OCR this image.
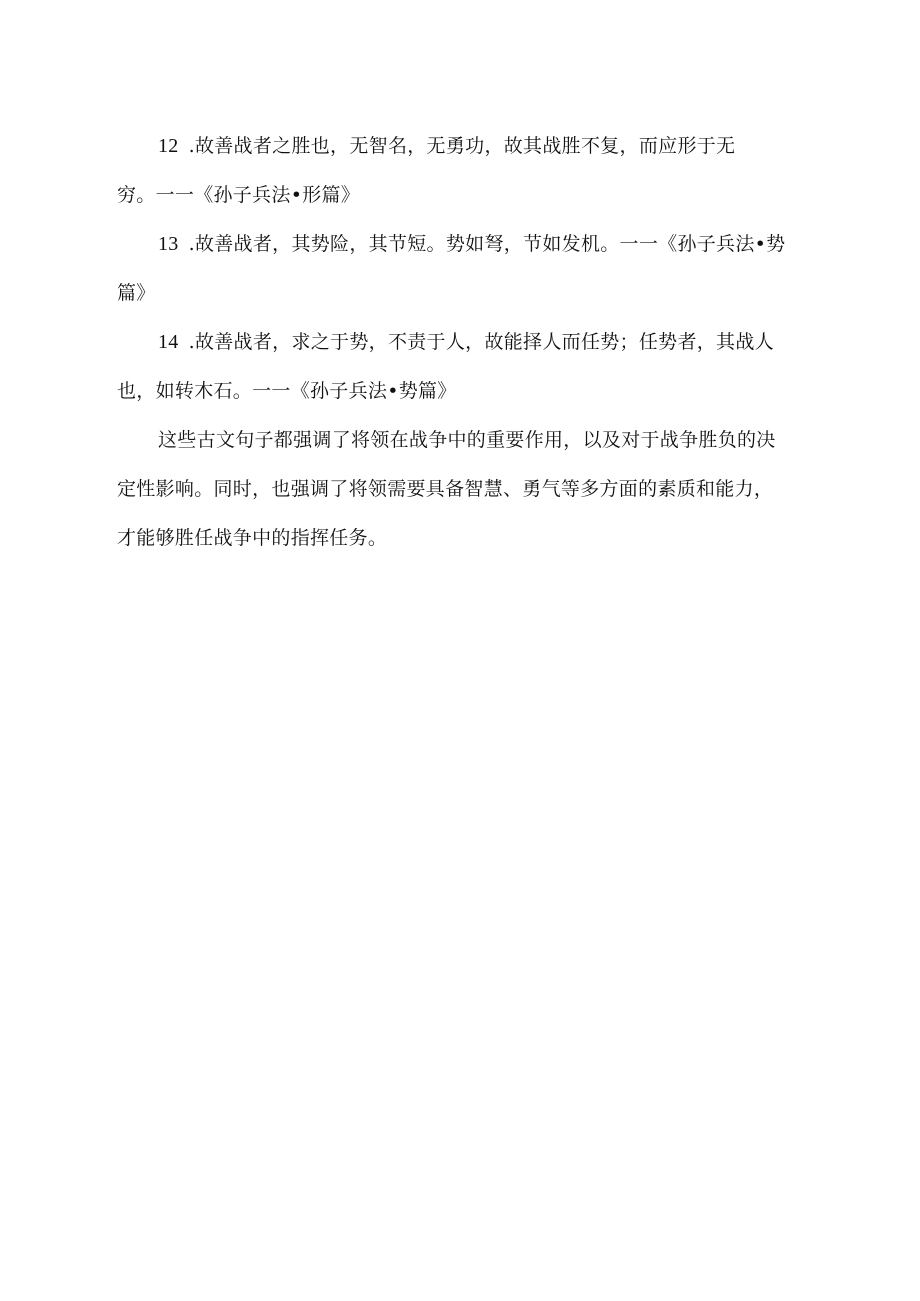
12 .故善战者之胜也，无智名，无勇功，故其战胜不复，而应形于无
穷。一一《孙子兵法•形篇》

13 .故善战者，其势险，其节短。势如弩，节如发机。一一《孙子兵法•势
篇》

14 .故善战者，求之于势，不责于人，故能择人而任势；任势者，其战人
也，如转木石。一一《孙子兵法•势篇》

这些古文句子都强调了将领在战争中的重要作用，以及对于战争胜负的决
定性影响。同时，也强调了将领需要具备智慧、勇气等多方面的素质和能力，
才能够胜任战争中的指挥任务。
